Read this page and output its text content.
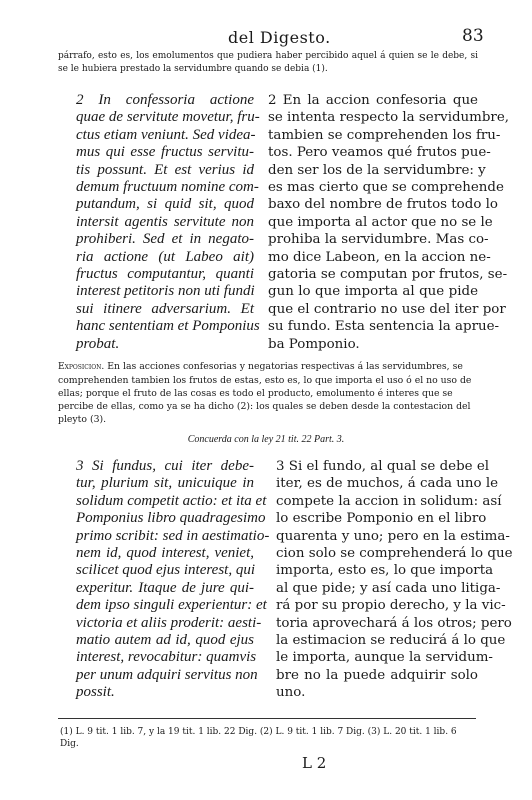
del Digesto.	83
párrafo, esto es, los emolumentos que pudiera haber percibido aquel á quien se le debe, si se le hubiera prestado la servidumbre quando se debia (1).
2 In confessoria actione
quae de servitute movetur, fru-
ctus etiam veniunt. Sed videa-
mus qui esse fructus servitu-
tis possunt. Et est verius id
demum fructuum nomine com-
putandum, si quid sit, quod
intersit agentis servitute non
prohiberi. Sed et in negato-
ria actione (ut Labeo ait)
fructus computantur, quanti
interest petitoris non uti fundi
sui itinere adversarium. Et
hanc sententiam et Pomponius
probat.
2 En la accion confesoria que
se intenta respecto la servidumbre,
tambien se comprehenden los fru-
tos. Pero veamos qué frutos pue-
den ser los de la servidumbre: y
es mas cierto que se comprehende
baxo del nombre de frutos todo lo
que importa al actor que no se le
prohiba la servidumbre. Mas co-
mo dice Labeon, en la accion ne-
gatoria se computan por frutos, se-
gun lo que importa al que pide
que el contrario no use del iter por
su fundo. Esta sentencia la aprue-
ba Pomponio.
Exposicion. En las acciones confesorias y negatorias respectivas á las servidumbres, se comprehenden tambien los frutos de estas, esto es, lo que importa el uso ó el no uso de ellas; porque el fruto de las cosas es todo el producto, emolumento é interes que se percibe de ellas, como ya se ha dicho (2): los quales se deben desde la contestacion del pleyto (3).
Concuerda con la ley 21 tit. 22 Part. 3.
3 Si fundus, cui iter debe-
tur, plurium sit, unicuique in
solidum competit actio: et ita et
Pomponius libro quadragesimo
primo scribit: sed in aestimatio-
nem id, quod interest, veniet,
scilicet quod ejus interest, qui
experitur. Itaque de jure qui-
dem ipso singuli experientur: et
victoria et aliis proderit: aesti-
matio autem ad id, quod ejus
interest, revocabitur: quamvis
per unum adquiri servitus non
possit.
3 Si el fundo, al qual se debe el
iter, es de muchos, á cada uno le
compete la accion in solidum: así
lo escribe Pomponio en el libro
quarenta y uno; pero en la estima-
cion solo se comprehenderá lo que
importa, esto es, lo que importa
al que pide; y así cada uno litiga-
rá por su propio derecho, y la vic-
toria aprovechará á los otros; pero
la estimacion se reducirá á lo que
le importa, aunque la servidum-
bre no la puede adquirir solo
uno.
(1) L. 9 tit. 1 lib. 7, y la 19 tit. 1 lib. 22 Dig. (2) L. 9 tit. 1 lib. 7 Dig. (3) L. 20 tit. 1 lib. 6 Dig.
L 2
